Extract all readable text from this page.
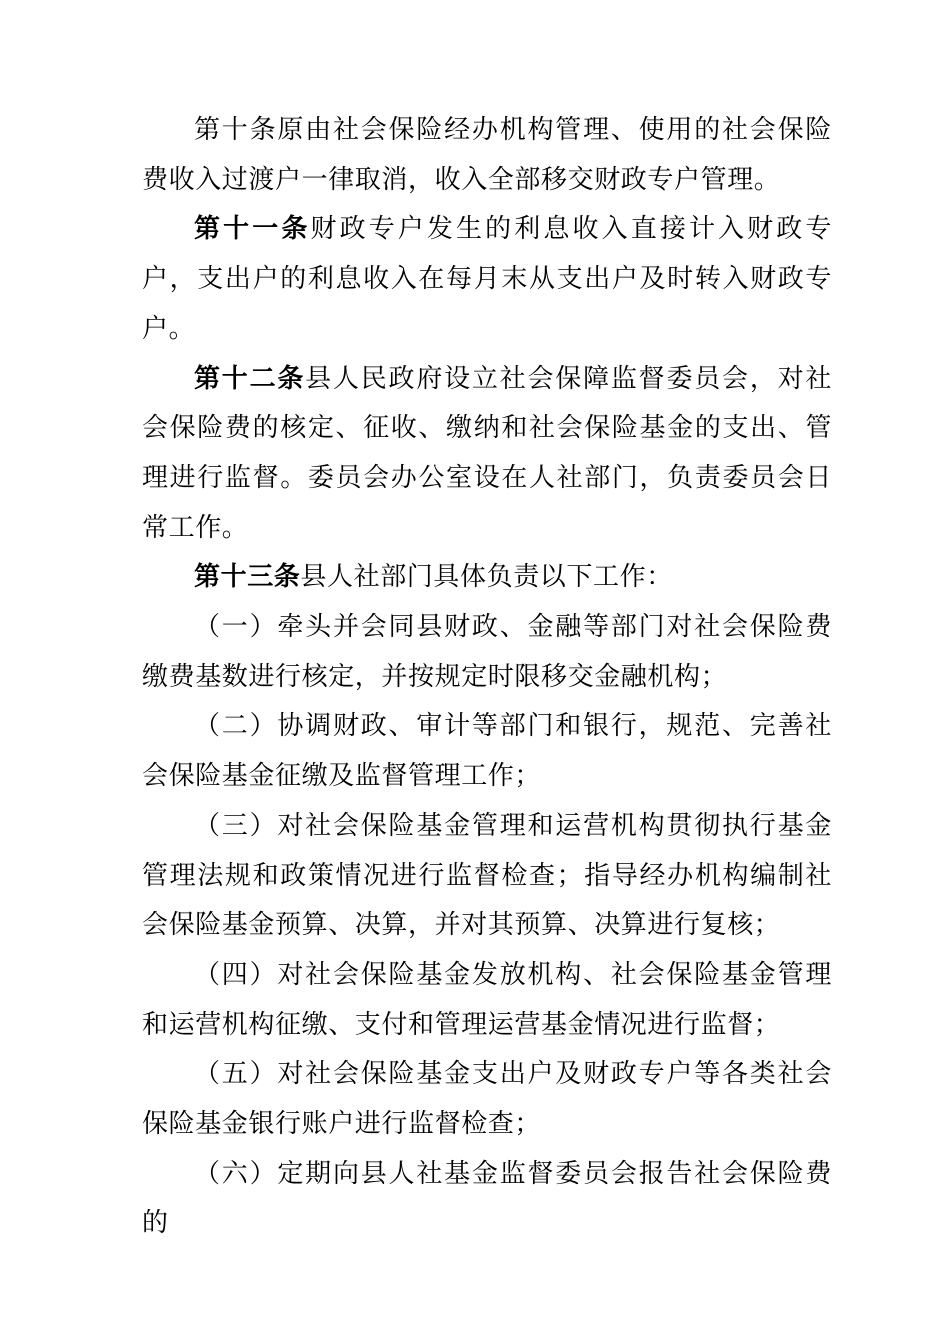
第十条原由社会保险经办机构管理、使用的社会保险费收入过渡户一律取消，收入全部移交财政专户管理。

第十一条财政专户发生的利息收入直接计入财政专户，支出户的利息收入在每月末从支出户及时转入财政专户。

第十二条县人民政府设立社会保障监督委员会，对社会保险费的核定、征收、缴纳和社会保险基金的支出、管理进行监督。委员会办公室设在人社部门，负责委员会日常工作。

第十三条县人社部门具体负责以下工作：

（一）牵头并会同县财政、金融等部门对社会保险费缴费基数进行核定，并按规定时限移交金融机构；

（二）协调财政、审计等部门和银行，规范、完善社会保险基金征缴及监督管理工作；

（三）对社会保险基金管理和运营机构贯彻执行基金管理法规和政策情况进行监督检查；指导经办机构编制社会保险基金预算、决算，并对其预算、决算进行复核；

（四）对社会保险基金发放机构、社会保险基金管理和运营机构征缴、支付和管理运营基金情况进行监督；

（五）对社会保险基金支出户及财政专户等各类社会保险基金银行账户进行监督检查；

（六）定期向县人社基金监督委员会报告社会保险费的
